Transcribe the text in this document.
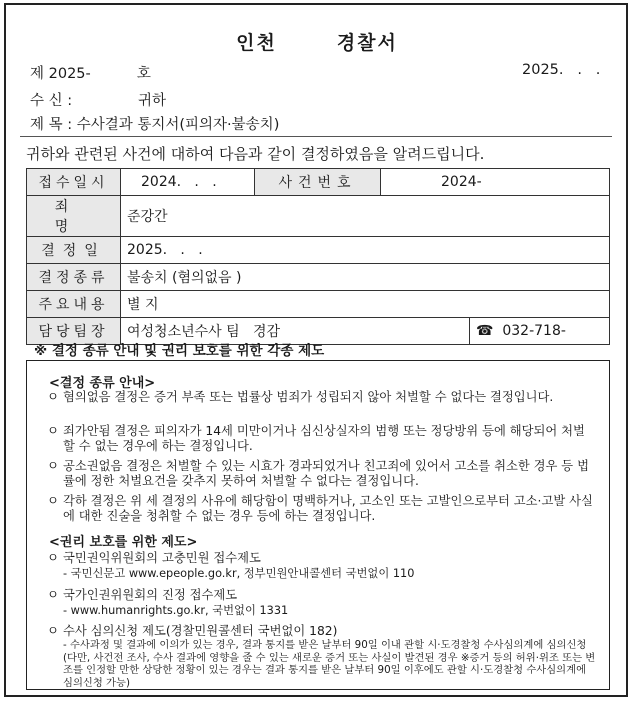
인천	경찰서
제 2025-          호	2025.   .   .
수 신 :	귀하
제 목 : 수사결과 통지서(피의자·불송치)
귀하와 관련된 사건에 대하여 다음과 같이 결정하였음을 알려드립니다.
접수일시	2024.   .   .	사건번호	2024-	
죄 명	준강간			
결정일	2025.   .   .			
결정종류	불송치 (혐의없음 )			
주요내용	별 지			
담당팀장	여성청소년수사 팀   경감			☎ 032-718-
※ 결정 종류 안내 및 권리 보호를 위한 각종 제도
<결정 종류 안내>
ㅇ 혐의없음 결정은 증거 부족 또는 법률상 범죄가 성립되지 않아 처벌할 수 없다는 결정입니다.
ㅇ 죄가안됨 결정은 피의자가 14세 미만이거나 심신상실자의 범행 또는 정당방위 등에 해당되어 처벌할 수 없는 경우에 하는 결정입니다.
ㅇ 공소권없음 결정은 처벌할 수 있는 시효가 경과되었거나 친고죄에 있어서 고소를 취소한 경우 등 법률에 정한 처벌요건을 갖추지 못하여 처벌할 수 없다는 결정입니다.
ㅇ 각하 결정은 위 세 결정의 사유에 해당함이 명백하거나, 고소인 또는 고발인으로부터 고소·고발 사실에 대한 진술을 청취할 수 없는 경우 등에 하는 결정입니다.
<권리 보호를 위한 제도>
ㅇ 국민권익위원회의 고충민원 접수제도
- 국민신문고 www.epeople.go.kr, 정부민원안내콜센터 국번없이 110
ㅇ 국가인권위원회의 진정 접수제도
- www.humanrights.go.kr, 국번없이 1331
ㅇ 수사 심의신청 제도(경찰민원콜센터 국번없이 182)
- 수사과정 및 결과에 이의가 있는 경우, 결과 통지를 받은 날부터 90일 이내 관할 시·도경찰청 수사심의계에 심의신청 (다만, 사건전 조사, 수사 결과에 영향을 줄 수 있는 새로운 증거 또는 사실이 발견된 경우 ※증거 등의 허위·위조 또는 변조를 인정할 만한 상당한 정황이 있는 경우는 결과 통지를 받은 날부터 90일 이후에도 관할 시·도경찰청 수사심의계에 심의신청 가능)
